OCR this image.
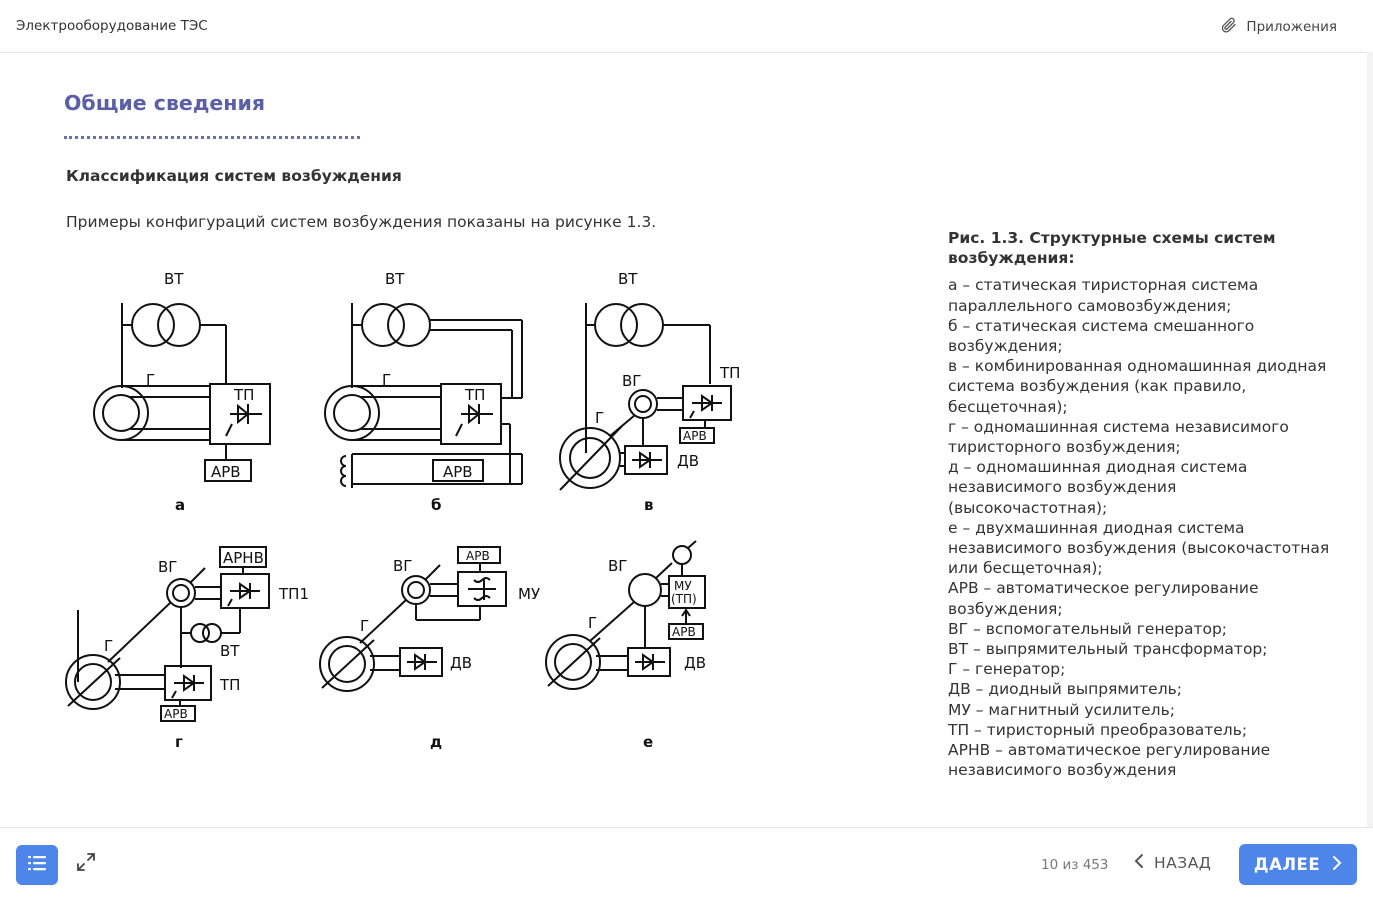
Электрооборудование ТЭС	Приложения
Общие сведения
Классификация систем возбуждения
Примеры конфигураций систем возбуждения показаны на рисунке 1.3.
ВТ
Г
ТП
АРВ
а
ВТ
Г
ТП
АРВ
б
ВТ
Г
ВГ	ТП
АРВ
ДВ
в
Г
ВГ	АРНВ
ТП1
ВТ
ТП
АРВ
г
Г
ВГ
АРВ
МУ
ДВ
д
Г
ВГ
МУ
(ТП)
АРВ
ДВ
е
Рис. 1.3. Структурные схемы систем возбуждения:
а – статическая тиристорная система
параллельного самовозбуждения;
б – статическая система смешанного
возбуждения;
в – комбинированная одномашинная диодная
система возбуждения (как правило,
бесщеточная);
г – одномашинная система независимого
тиристорного возбуждения;
д – одномашинная диодная система
независимого возбуждения
(высокочастотная);
е – двухмашинная диодная система
независимого возбуждения (высокочастотная
или бесщеточная);
АРВ – автоматическое регулирование
возбуждения;
ВГ – вспомогательный генератор;
ВТ – выпрямительный трансформатор;
Г – генератор;
ДВ – диодный выпрямитель;
МУ – магнитный усилитель;
ТП – тиристорный преобразователь;
АРНВ – автоматическое регулирование
независимого возбуждения
10 из 453	НАЗАД	ДАЛЕЕ
